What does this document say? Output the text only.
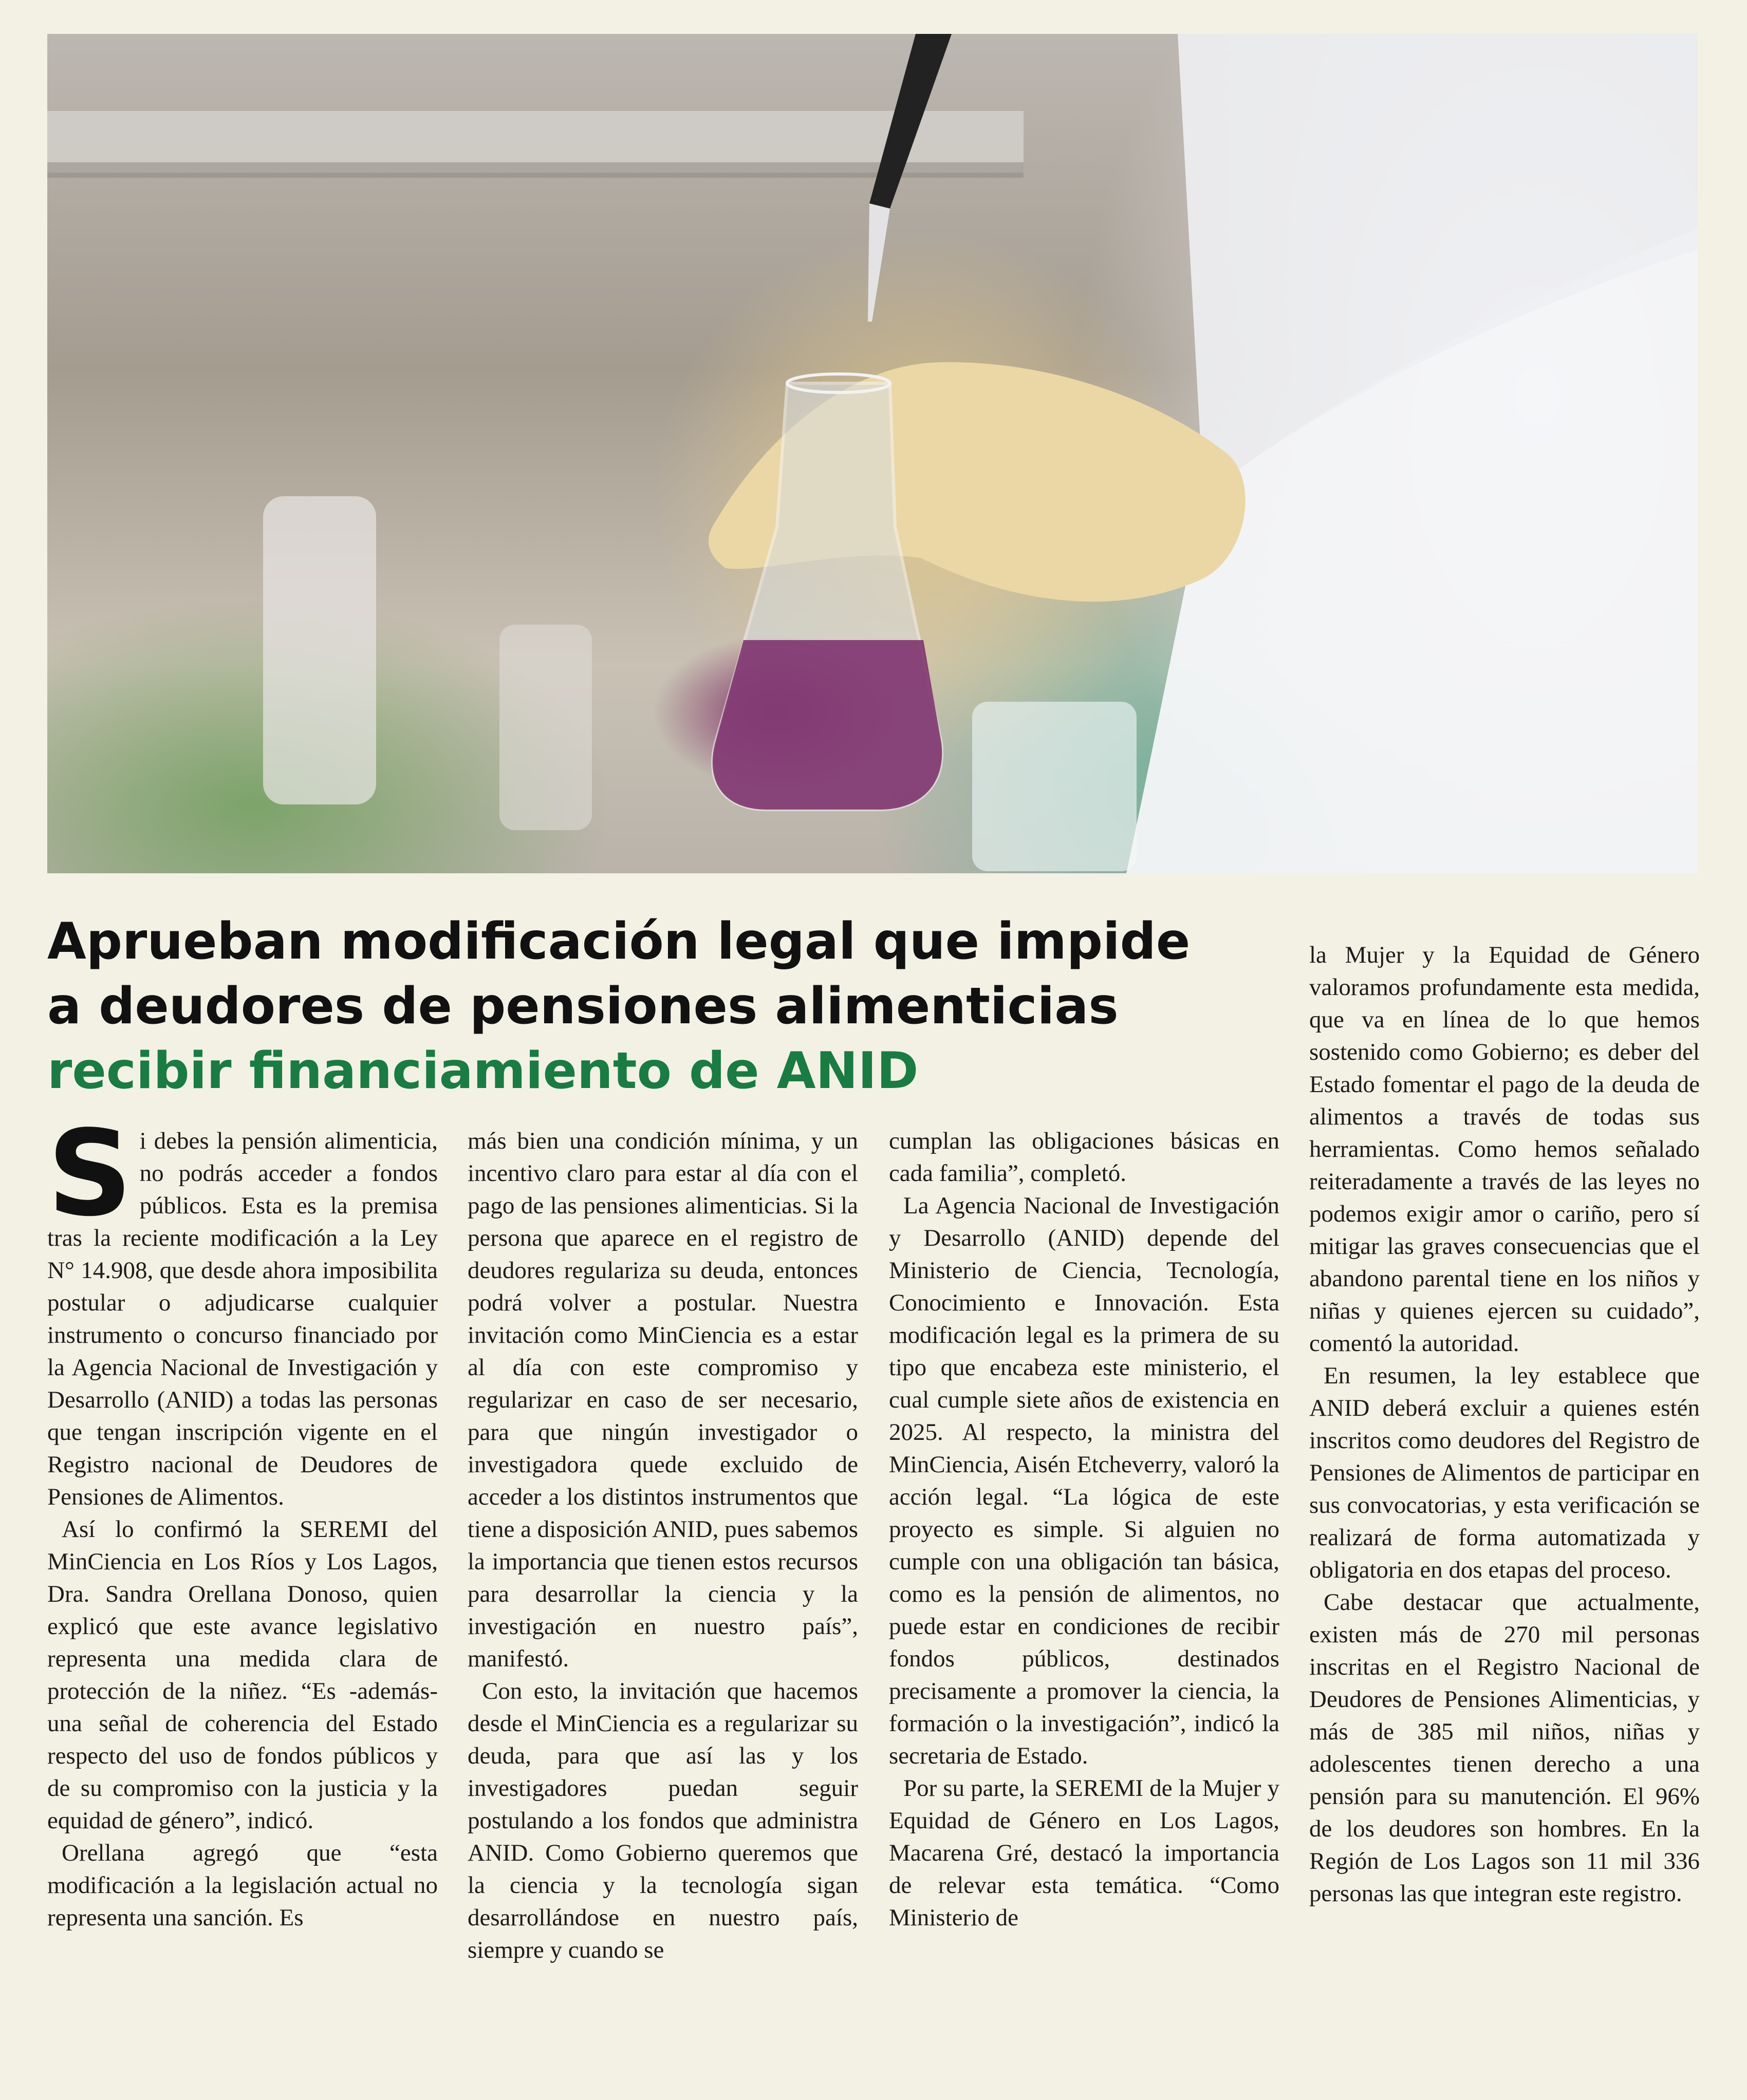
Aprueban modificación legal que impide
a deudores de pensiones alimenticias
recibir financiamiento de ANID

Si debes la pensión alimenticia, no podrás acceder a fondos públicos. Esta es la premisa tras la reciente modificación a la Ley N° 14.908, que desde ahora imposibilita postular o adjudicarse cualquier instrumento o concurso financiado por la Agencia Nacional de Investigación y Desarrollo (ANID) a todas las personas que tengan inscripción vigente en el Registro nacional de Deudores de Pensiones de Alimentos.

Así lo confirmó la SEREMI del MinCiencia en Los Ríos y Los Lagos, Dra. Sandra Orellana Donoso, quien explicó que este avance legislativo representa una medida clara de protección de la niñez. “Es -además- una señal de coherencia del Estado respecto del uso de fondos públicos y de su compromiso con la justicia y la equidad de género”, indicó.

Orellana agregó que “esta modificación a la legislación actual no representa una sanción. Es

más bien una condición mínima, y un incentivo claro para estar al día con el pago de las pensiones alimenticias. Si la persona que aparece en el registro de deudores regulariza su deuda, entonces podrá volver a postular. Nuestra invitación como MinCiencia es a estar al día con este compromiso y regularizar en caso de ser necesario, para que ningún investigador o investigadora quede excluido de acceder a los distintos instrumentos que tiene a disposición ANID, pues sabemos la importancia que tienen estos recursos para desarrollar la ciencia y la investigación en nuestro país”, manifestó.

Con esto, la invitación que hacemos desde el MinCiencia es a regularizar su deuda, para que así las y los investigadores puedan seguir postulando a los fondos que administra ANID. Como Gobierno queremos que la ciencia y la tecnología sigan desarrollándose en nuestro país, siempre y cuando se

cumplan las obligaciones básicas en cada familia”, completó.

La Agencia Nacional de Investigación y Desarrollo (ANID) depende del Ministerio de Ciencia, Tecnología, Conocimiento e Innovación. Esta modificación legal es la primera de su tipo que encabeza este ministerio, el cual cumple siete años de existencia en 2025. Al respecto, la ministra del MinCiencia, Aisén Etcheverry, valoró la acción legal. “La lógica de este proyecto es simple. Si alguien no cumple con una obligación tan básica, como es la pensión de alimentos, no puede estar en condiciones de recibir fondos públicos, destinados precisamente a promover la ciencia, la formación o la investigación”, indicó la secretaria de Estado.

Por su parte, la SEREMI de la Mujer y Equidad de Género en Los Lagos, Macarena Gré, destacó la importancia de relevar esta temática. “Como Ministerio de

la Mujer y la Equidad de Género valoramos profundamente esta medida, que va en línea de lo que hemos sostenido como Gobierno; es deber del Estado fomentar el pago de la deuda de alimentos a través de todas sus herramientas. Como hemos señalado reiteradamente a través de las leyes no podemos exigir amor o cariño, pero sí mitigar las graves consecuencias que el abandono parental tiene en los niños y niñas y quienes ejercen su cuidado”, comentó la autoridad.

En resumen, la ley establece que ANID deberá excluir a quienes estén inscritos como deudores del Registro de Pensiones de Alimentos de participar en sus convocatorias, y esta verificación se realizará de forma automatizada y obligatoria en dos etapas del proceso.

Cabe destacar que actualmente, existen más de 270 mil personas inscritas en el Registro Nacional de Deudores de Pensiones Alimenticias, y más de 385 mil niños, niñas y adolescentes tienen derecho a una pensión para su manutención. El 96% de los deudores son hombres. En la Región de Los Lagos son 11 mil 336 personas las que integran este registro.
